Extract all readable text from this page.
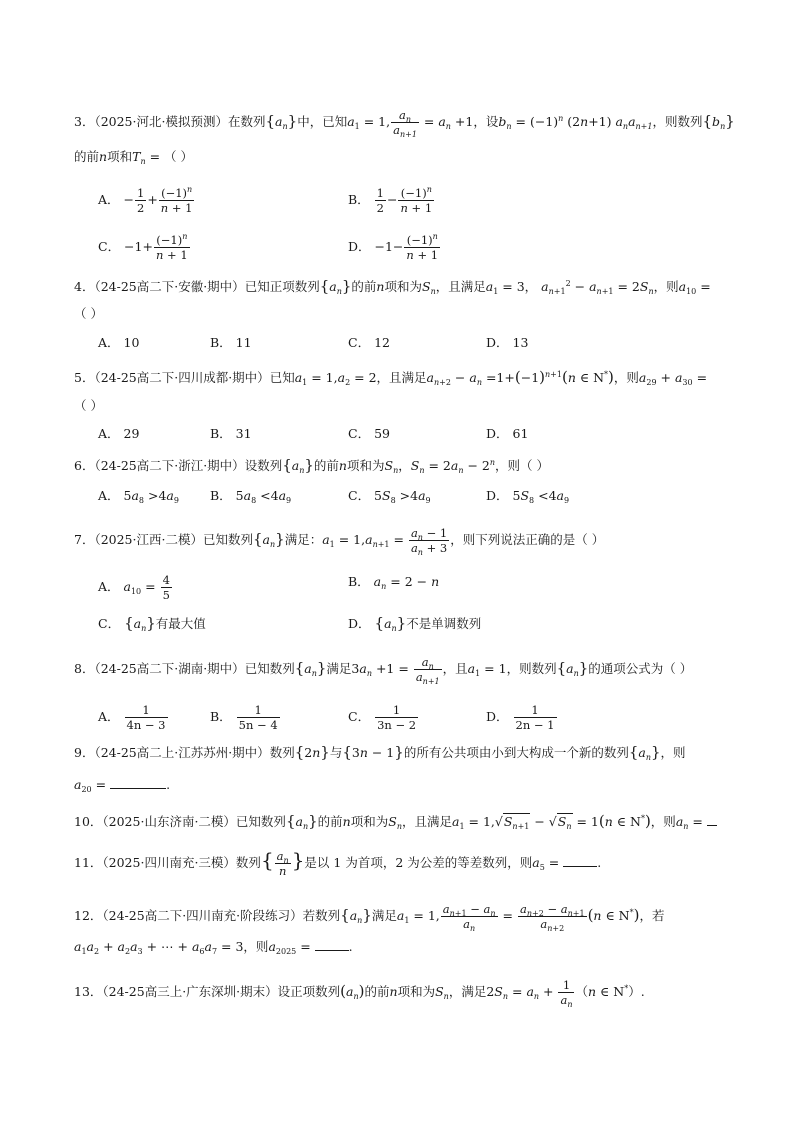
3．（2025·河北·模拟预测）在数列$\{a_n\}$中，已知$a_1 = 1$, $\frac{a_n}{a_{n+1}} = a_n +1$，设$b_n = (-1)^n$ (2n+1) $a_na_{n+1}$，则数列$\{b_n\}$
的前n项和$T_n$ = （ ）
A． − $\frac{1}{2} + \frac{(-1)^n}{n + 1}$	B． $\frac{1}{2} - \frac{(-1)^n}{n + 1}$
C． $-1+ \frac{(-1)^n}{n + 1}$	D． $-1- \frac{(-1)^n}{n + 1}$
4．（24-25高二下·安徽·期中）已知正项数列$\{a_n\}$的前n项和为$S_n$，且满足$a_1 = 3$， $a_{n+1}^2 - a_{n+1} = 2S_n$，则$a_{10}$ =
（ ）
A． 10	B． 11	C． 12	D． 13
5．（24-25高二下·四川成都·期中）已知$a_1 = 1,a_2 = 2$，且满足$a_{n+2} - a_n =1+(-1)^{n+1}(n$ ∈ N*)，则$a_{29} + a_{30}$ =
（ ）
A． 29	B． 31	C． 59	D． 61
6．（24-25高二下·浙江·期中）设数列$\{a_n\}$的前n项和为$S_n$，$S_n = 2a_n - 2^n$，则（ ）
A． $5a_8 >4a_9$ B． $5a_8 <4a_9$	C． $5S_8 >4a_9$	D． $5S_8 <4a_9$
7．（2025·江西·二模）已知数列$\{a_n\}$满足：$a_1 = 1,a_{n+1} = \frac{a_n - 1}{a_n + 3}$ ，则下列说法正确的是（ ）
A． $a_{10} = \frac{4}{5}$	B． $a_n = 2 - n$
C． $\{a_n\}$有最大值	D． $\{a_n\}$不是单调数列
8．（24-25高二下·湖南·期中）已知数列$\{a_n\}$满足$3a_n +1 = \frac{a_n}{a_{n+1}}$ ，且$a_1 = 1$，则数列$\{a_n\}$的通项公式为（ ）
A． $\frac{1}{4n - 3}$	B． $\frac{1}{5n - 4}$	C． $\frac{1}{3n - 2}$	D． $\frac{1}{2n - 1}$
9．（24-25高二上·江苏苏州·期中）数列{2n}与{3n − 1}的所有公共项由小到大构成一个新的数列$\{a_n\}$，则
$a_{20}$ =	.
10．（2025·山东济南·二模）已知数列$\{a_n\}$的前n项和为$S_n$，且满足$a_1 = 1,√S_{n+1} - √S_n = 1(n$ ∈ N*)，则$a_n$ =
11．（2025·四川南充·三模）数列{ $\frac{a_n}{n}$ }是以 1 为首项，2 为公差的等差数列，则$a_5$ =	.
12．（24-25高二下·四川南充·阶段练习）若数列$\{a_n\}$满足$a_1 = 1$, $\frac{a_{n+1} - a_n}{a_n} = \frac{a_{n+2} - a_{n+1}}{a_{n+2}} (n$ ∈ N*)，若
$a_1a_2 + a_2a_3$ + ⋯ + $a_6a_7 = 3$，则$a_{2025}$ =	.
13．（24-25高三上·广东深圳·期末）设正项数列$(a_n)$的前n项和为$S_n$，满足$2S_n = a_n + \frac{1}{a_n} (n$ ∈ N*）.
